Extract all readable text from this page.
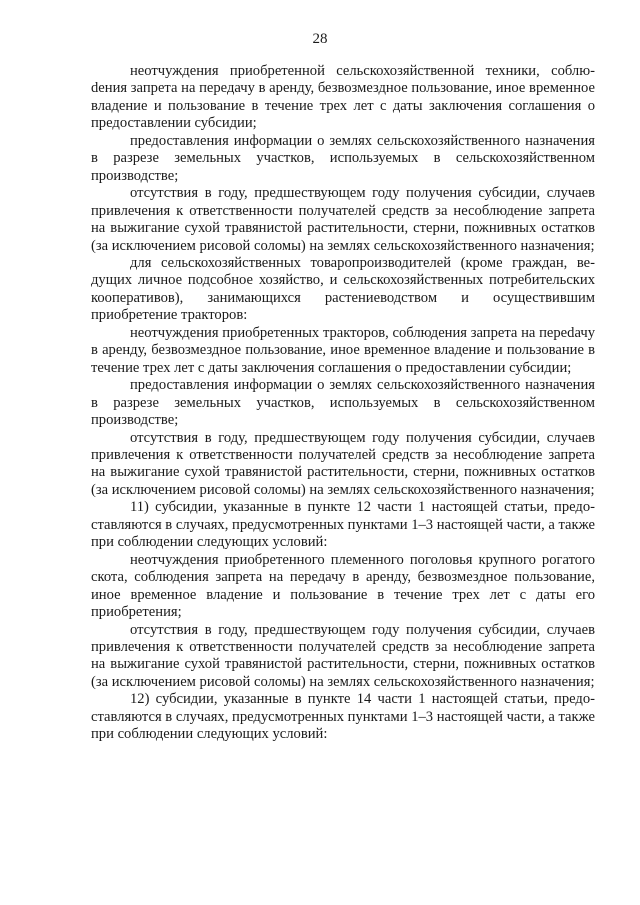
28

неотчуждения приобретенной сельскохозяйственной техники, соблюdения запрета на передачу в аренду, безвозмездное пользование, иное временное владение и пользование в течение трех лет с даты заключения соглашения о предоставлении субсидии;

предоставления информации о землях сельскохозяйственного назначения в разрезе земельных участков, используемых в сельскохозяйственном производстве;

отсутствия в году, предшествующем году получения субсидии, случаев привлечения к ответственности получателей средств за несоблюдение запрета на выжигание сухой травянистой растительности, стерни, пожнивных остатков (за исключением рисовой соломы) на землях сельскохозяйственного назначения;

для сельскохозяйственных товаропроизводителей (кроме граждан, ведущих личное подсобное хозяйство, и сельскохозяйственных потребительских кооперативов), занимающихся растениеводством и осуществившим приобретение тракторов:

неотчуждения приобретенных тракторов, соблюдения запрета на переdачу в аренду, безвозмездное пользование, иное временное владение и пользование в течение трех лет с даты заключения соглашения о предоставлении субсидии;

предоставления информации о землях сельскохозяйственного назначения в разрезе земельных участков, используемых в сельскохозяйственном производстве;

отсутствия в году, предшествующем году получения субсидии, случаев привлечения к ответственности получателей средств за несоблюдение запрета на выжигание сухой травянистой растительности, стерни, пожнивных остатков (за исключением рисовой соломы) на землях сельскохозяйственного назначения;

11) субсидии, указанные в пункте 12 части 1 настоящей статьи, предоставляются в случаях, предусмотренных пунктами 1–3 настоящей части, а также при соблюдении следующих условий:

неотчуждения приобретенного племенного поголовья крупного рогатого скота, соблюдения запрета на передачу в аренду, безвозмездное пользование, иное временное владение и пользование в течение трех лет с даты его приобретения;

отсутствия в году, предшествующем году получения субсидии, случаев привлечения к ответственности получателей средств за несоблюдение запрета на выжигание сухой травянистой растительности, стерни, пожнивных остатков (за исключением рисовой соломы) на землях сельскохозяйственного назначения;

12) субсидии, указанные в пункте 14 части 1 настоящей статьи, предоставляются в случаях, предусмотренных пунктами 1–3 настоящей части, а также при соблюдении следующих условий:
